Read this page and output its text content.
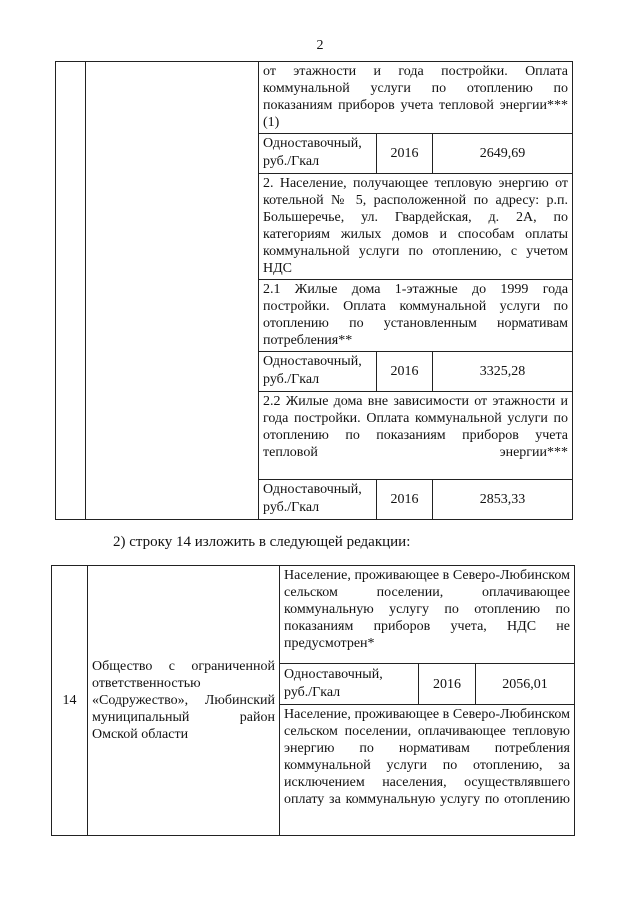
2
		от этажности и года постройки. Оплата коммунальной услуги по отоплению по показаниям приборов учета тепловой энергии***(1)		
		Одноставочный, руб./Гкал	2016	2649,69
		2. Население, получающее тепловую энергию от котельной № 5, расположенной по адресу: р.п. Большеречье, ул. Гвардейская, д. 2А, по категориям жилых домов и способам оплаты коммунальной услуги по отоплению, с учетом НДС		
		2.1 Жилые дома 1-этажные до 1999 года постройки. Оплата коммунальной услуги по отоплению по установленным нормативам потребления**		
		Одноставочный, руб./Гкал	2016	3325,28
		2.2 Жилые дома вне зависимости от этажности и года постройки. Оплата коммунальной услуги по отоплению по показаниям приборов учета тепловой энергии***		
		Одноставочный, руб./Гкал	2016	2853,33
2) строку 14 изложить в следующей редакции:
14	Общество с ограниченной ответственностью «Содружество», Любинский муниципальный район Омской области	Население, проживающее в Северо-Любинском сельском поселении, оплачивающее коммунальную услугу по отоплению по показаниям приборов учета, НДС не предусмотрен*		
		Одноставочный, руб./Гкал	2016	2056,01
		Население, проживающее в Северо-Любинском сельском поселении, оплачивающее тепловую энергию по нормативам потребления коммунальной услуги по отоплению, за исключением населения, осуществлявшего оплату за коммунальную услугу по отоплению		
